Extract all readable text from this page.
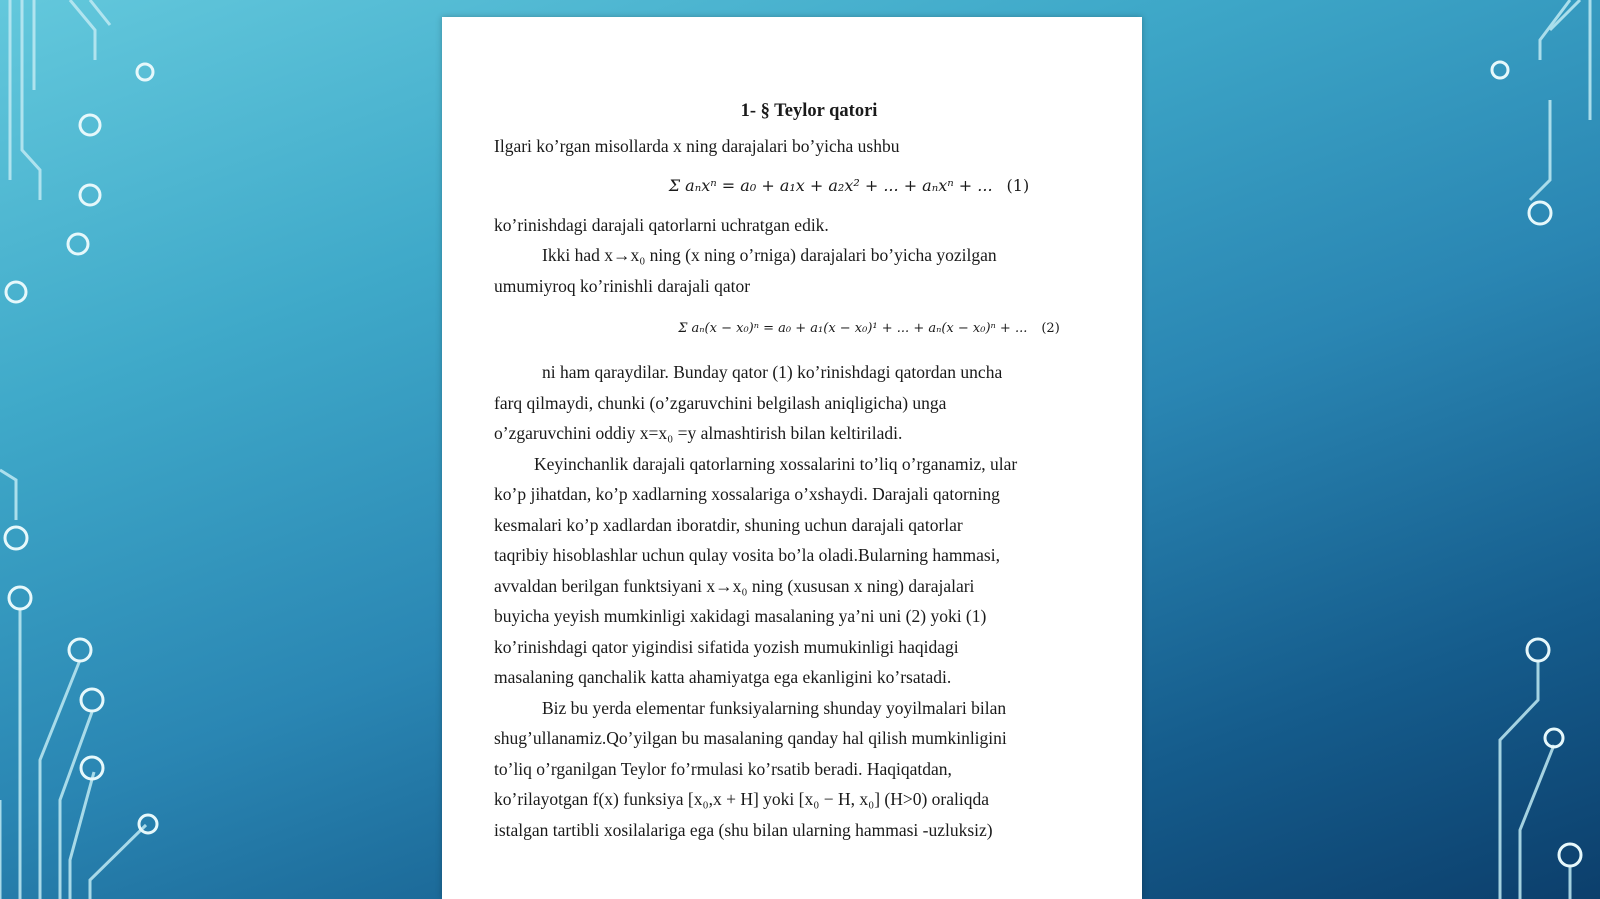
1- § Teylor qatori
Ilgari ko’rgan misollarda x ning darajalari bo’yicha ushbu
Σ aₙxⁿ = a₀ + a₁x + a₂x² + ... + aₙxⁿ + ... (1)
ko’rinishdagi darajali qatorlarni uchratgan edik.
Ikki had x→x₀ ning (x ning o’rniga) darajalari bo’yicha yozilgan
umumiyroq ko’rinishli darajali qator
Σ aₙ(x − x₀)ⁿ = a₀ + a₁(x − x₀)¹ + ... + aₙ(x − x₀)ⁿ + ... (2)
ni ham qaraydilar. Bunday qator (1) ko’rinishdagi qatordan uncha
farq qilmaydi, chunki (o’zgaruvchini belgilash aniqligicha) unga
o’zgaruvchini oddiy x=x₀ =y almashtirish bilan keltiriladi.
Keyinchanlik darajali qatorlarning xossalarini to’liq o’rganamiz, ular
ko’p jihatdan, ko’p xadlarning xossalariga o’xshaydi. Darajali qatorning
kesmalari ko’p xadlardan iboratdir, shuning uchun darajali qatorlar
taqribiy hisoblashlar uchun qulay vosita bo’la oladi.Bularning hammasi,
avvaldan berilgan funktsiyani x→x₀ ning (xususan x ning) darajalari
buyicha yeyish mumkinligi xakidagi masalaning ya’ni uni (2) yoki (1)
ko’rinishdagi qator yigindisi sifatida yozish mumukinligi haqidagi
masalaning qanchalik katta ahamiyatga ega ekanligini ko’rsatadi.
Biz bu yerda elementar funksiyalarning shunday yoyilmalari bilan
shug’ullanamiz.Qo’yilgan bu masalaning qanday hal qilish mumkinligini
to’liq o’rganilgan Teylor fo’rmulasi ko’rsatib beradi. Haqiqatdan,
ko’rilayotgan f(x) funksiya [x₀,x + H] yoki [x₀ − H, x₀] (H>0) oraliqda
istalgan tartibli xosilalariga ega (shu bilan ularning hammasi -uzluksiz)
